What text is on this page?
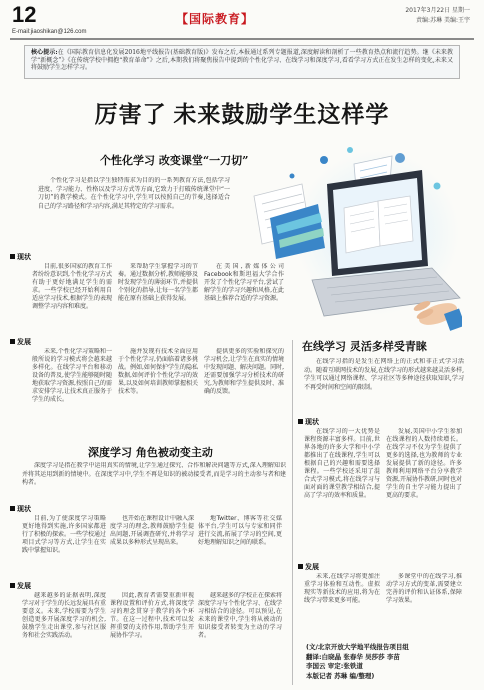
12
E-mail:jiaoshikan@126.com
【国际教育】
2017年3月22日 星期一
责编:苏琳 美编:王宇
核心提示:在《国际教育信息化发展2016地平线报告(基础教育版)》发布之后,本报通过系列专题报道,深度解读和剖析了一些教育热点和流行趋势。继《未来教学“新概念”》《在传统学校中拥抱“教育革命”》之后,本期我们将聚焦报告中提到的个性化学习、在线学习和深度学习,看看学习方式正在发生怎样的变化,未来又将鼓励学生怎样学习。
厉害了 未来鼓励学生这样学
个性化学习 改变课堂“一刀切”
个性化学习是指以学生独特需求为目的的一系列教育方法,包括学习进度、学习能力、性格以及学习方式等方面,它致力于打破传统课堂中“一刀切”的教学模式。在个性化学习中,学生可以按照自己的节奏,选择适合自己的学习路径和学习内容,满足其特定的学习需求。
现状
目前,很多国家的教育工作者纷纷意识到,个性化学习方式有助于更好地满足学生的需求。一些学校已经开始利用自适应学习技术,根据学生的表现调整学习内容和难度。
来帮助学生掌握学习的节奏。通过数据分析,教师能够及时发现学生的薄弱环节,并提供个别化的指导,让每一名学生都能在原有基础上获得发展。
在美国,新媒体公司Facebook和斯坦福大学合作开发了个性化学习平台,尝试了解学生的学习兴趣和风格,在此基础上推荐合适的学习资源。
发展
未来,个性化学习策略和一般所说的学习模式将会越来越多样化。在线学习平台和移动设备的普及,使学生能够随时随地获取学习资源,按照自己的需求安排学习,让技术真正服务于学生的成长。
施并发现有技术全面应用于个性化学习,仍面临着诸多挑战。例如,如何保护学生的隐私数据,如何评价个性化学习的效果,以及如何培训教师掌握相关技术等。
提供更多的实验和探究的学习机会,让学生在真实的情境中发现问题、解决问题。同时,还需要加强学习分析技术的研究,为教师和学生提供及时、准确的反馈。
在线学习 灵活多样受青睐
在线学习指的是发生在网络上的正式和非正式学习活动。随着互联网技术的发展,在线学习的形式越来越灵活多样,学生可以通过网络课程、学习社区等多种途径获取知识,学习不再受时间和空间的限制。
现状
在线学习的一大优势是课程资源丰富多样。目前,世界各地的许多大学和中小学都推出了在线课程,学生可以根据自己的兴趣和需要选择课程。一些学校还采用了混合式学习模式,将在线学习与面对面的课堂教学相结合,提高了学习的效率和质量。
发展,美国中小学生参加在线课程的人数持续增长。在线学习不仅为学生提供了更多的选择,也为教师的专业发展提供了新的途径。许多教师利用网络平台分享教学资源,开展协作教研,同时也对学生的自主学习能力提出了更高的要求。
发展
未来,在线学习将更加注重学习体验和互动性。虚拟现实等新技术的应用,将为在线学习带来更多可能。
多课堂中的在线学习,推动学习方式的变革,需要建立完善的评价和认证体系,保障学习效果。
(文/北京开放大学地平线报告项目组
翻译:白晓晶 张春华 吴莎莎 李苗
李国云 审定:张铁道
本版记者 苏琳 编/整理)
深度学习 角色被动变主动
深度学习是指在教学中运用真实的情境,让学生通过探究、合作和解决问题等方式,深入理解知识并将其运用到新的情境中。在深度学习中,学生不再是知识的被动接受者,而是学习的主动参与者和建构者。
现状
目前,为了使深度学习策略更好地得到实施,许多国家都进行了积极的探索。一些学校通过项目式学习等方式,让学生在实践中掌握知识。
也开始在课程设计中融入深度学习的理念,教师鼓励学生提出问题,开展调查研究,并将学习成果以多种形式呈现出来。
地Twitter、博客等社交媒体平台,学生可以与专家和同伴进行交流,拓展了学习的空间,更好地理解知识之间的联系。
发展
越来越多的证据表明,深度学习对于学生的长远发展具有重要意义。未来,学校需要为学生创造更多开展深度学习的机会,鼓励学生走出课堂,参与社区服务和社会实践活动。
因此,教育者需要重新审视课程设置和评价方式,将深度学习的理念贯穿于教学的各个环节。在这一过程中,技术可以发挥重要的支持作用,帮助学生开展协作学习。
越来越多的学校正在探索将深度学习与个性化学习、在线学习相结合的途径。可以预见,在未来的课堂中,学生将从被动的知识接受者转变为主动的学习者。
